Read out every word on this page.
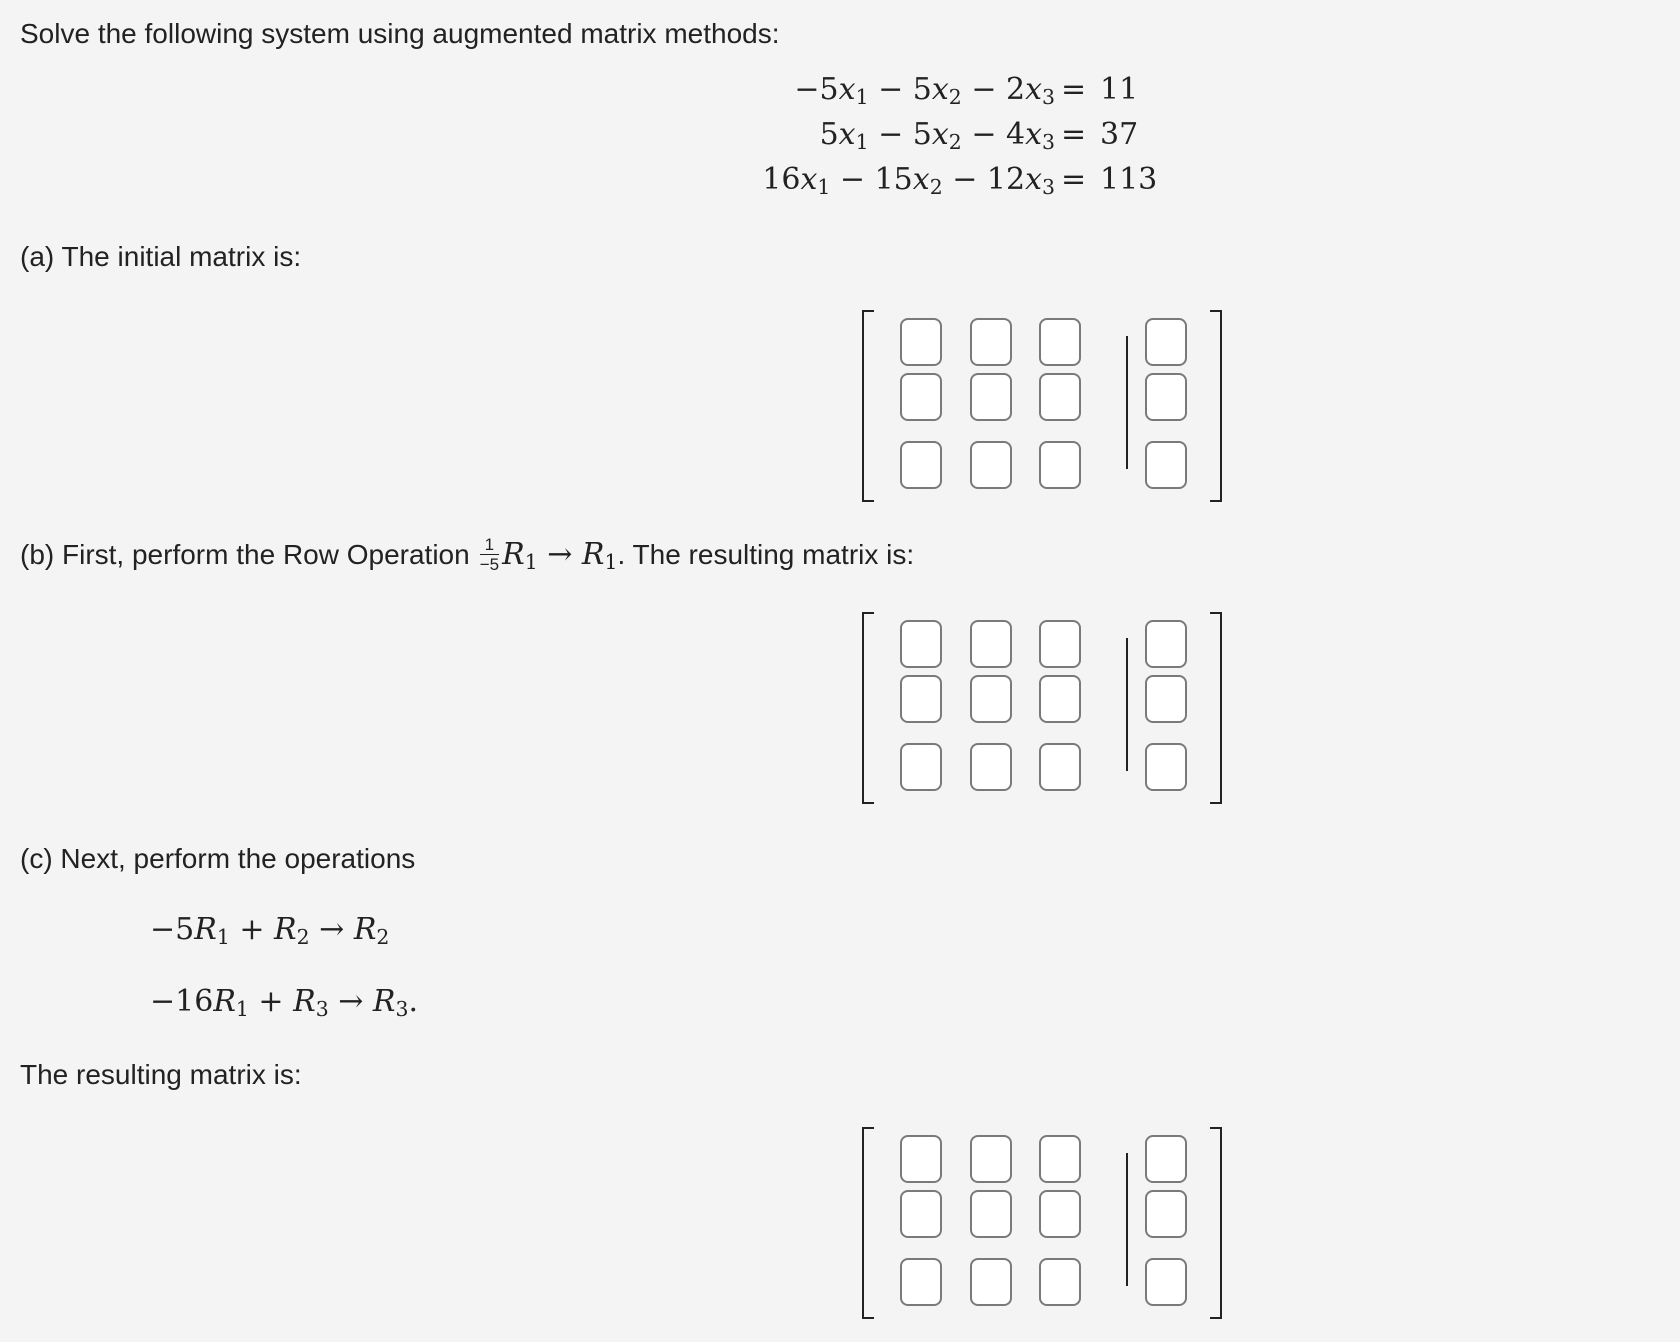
Solve the following system using augmented matrix methods:
$-5x_1 - 5x_2 - 2x_3 = 11$
$5x_1 - 5x_2 - 4x_3 = 37$
$16x_1 - 15x_2 - 12x_3 = 113$
(a) The initial matrix is:
(b) First, perform the Row Operation $\frac{1}{-5} R_1 \to R_1$. The resulting matrix is:
(c) Next, perform the operations
$-5R_1 + R_2 \to R_2$
$-16R_1 + R_3 \to R_3$.
The resulting matrix is:
